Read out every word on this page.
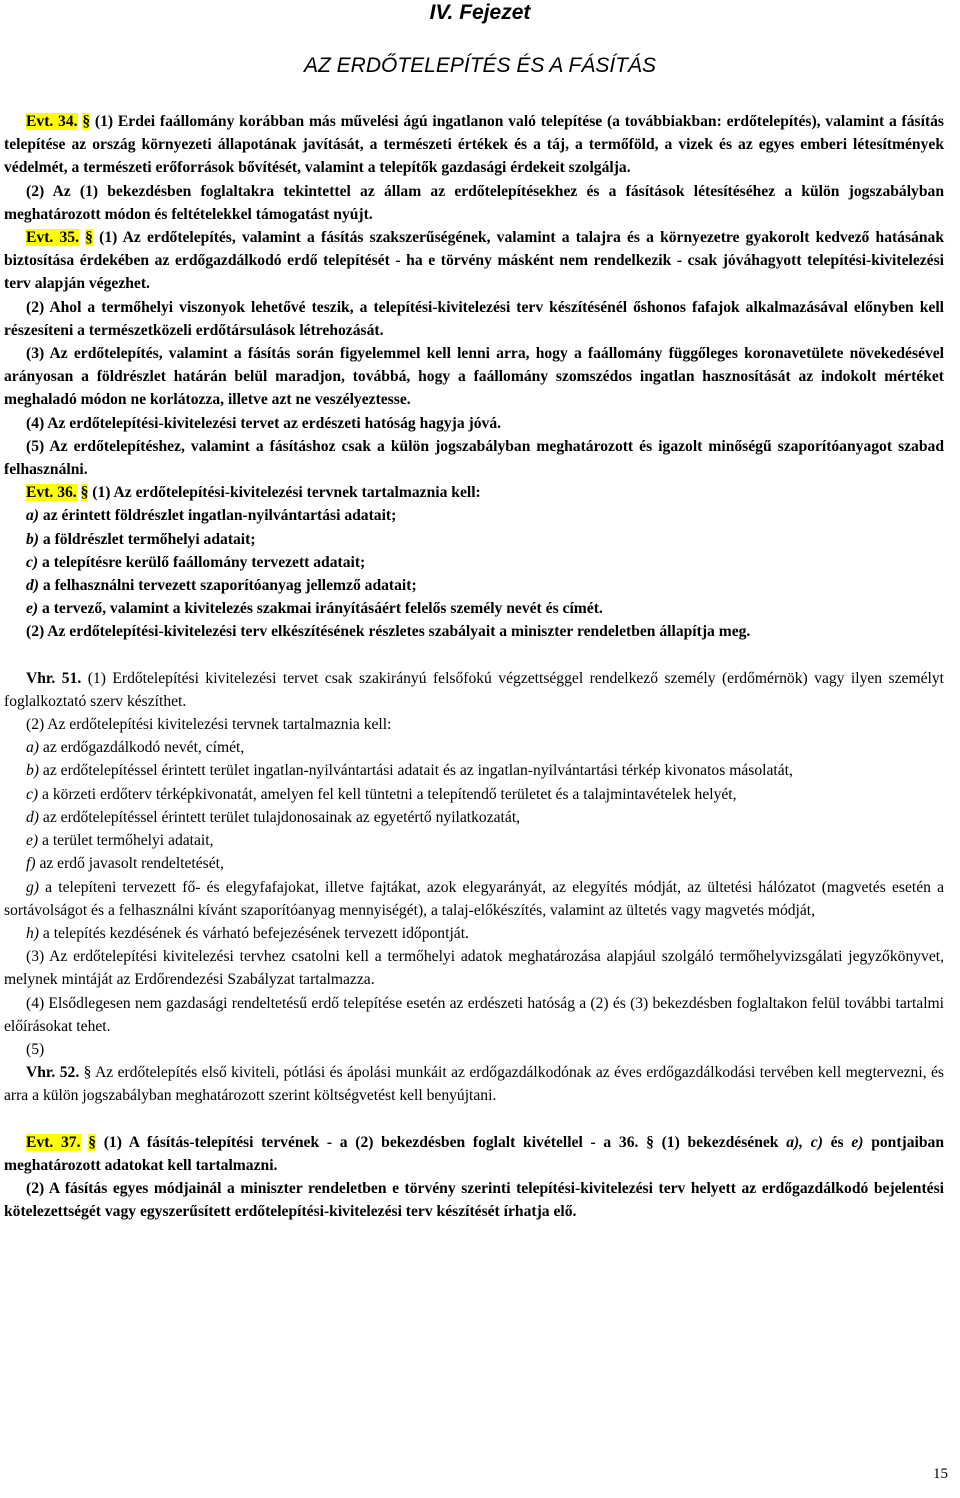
IV. Fejezet
AZ ERDŐTELEPÍTÉS ÉS A FÁSÍTÁS

Evt. 34. § (1) Erdei faállomány korábban más művelési ágú ingatlanon való telepítése (a továbbiakban: erdőtelepítés), valamint a fásítás telepítése az ország környezeti állapotának javítását, a természeti értékek és a táj, a termőföld, a vizek és az egyes emberi létesítmények védelmét, a természeti erőforrások bővítését, valamint a telepítők gazdasági érdekeit szolgálja.

(2) Az (1) bekezdésben foglaltakra tekintettel az állam az erdőtelepítésekhez és a fásítások létesítéséhez a külön jogszabályban meghatározott módon és feltételekkel támogatást nyújt.

Evt. 35. § (1) Az erdőtelepítés, valamint a fásítás szakszerűségének, valamint a talajra és a környezetre gyakorolt kedvező hatásának biztosítása érdekében az erdőgazdálkodó erdő telepítését - ha e törvény másként nem rendelkezik - csak jóváhagyott telepítési-kivitelezési terv alapján végezhet.

(2) Ahol a termőhelyi viszonyok lehetővé teszik, a telepítési-kivitelezési terv készítésénél őshonos fafajok alkalmazásával előnyben kell részesíteni a természetközeli erdőtársulások létrehozását.

(3) Az erdőtelepítés, valamint a fásítás során figyelemmel kell lenni arra, hogy a faállomány függőleges koronavetülete növekedésével arányosan a földrészlet határán belül maradjon, továbbá, hogy a faállomány szomszédos ingatlan hasznosítását az indokolt mértéket meghaladó módon ne korlátozza, illetve azt ne veszélyeztesse.

(4) Az erdőtelepítési-kivitelezési tervet az erdészeti hatóság hagyja jóvá.

(5) Az erdőtelepítéshez, valamint a fásításhoz csak a külön jogszabályban meghatározott és igazolt minőségű szaporítóanyagot szabad felhasználni.

Evt. 36. § (1) Az erdőtelepítési-kivitelezési tervnek tartalmaznia kell:

a) az érintett földrészlet ingatlan-nyilvántartási adatait;

b) a földrészlet termőhelyi adatait;

c) a telepítésre kerülő faállomány tervezett adatait;

d) a felhasználni tervezett szaporítóanyag jellemző adatait;

e) a tervező, valamint a kivitelezés szakmai irányításáért felelős személy nevét és címét.

(2) Az erdőtelepítési-kivitelezési terv elkészítésének részletes szabályait a miniszter rendeletben állapítja meg.

Vhr. 51. (1) Erdőtelepítési kivitelezési tervet csak szakirányú felsőfokú végzettséggel rendelkező személy (erdőmérnök) vagy ilyen személyt foglalkoztató szerv készíthet.

(2) Az erdőtelepítési kivitelezési tervnek tartalmaznia kell:

a) az erdőgazdálkodó nevét, címét,

b) az erdőtelepítéssel érintett terület ingatlan-nyilvántartási adatait és az ingatlan-nyilvántartási térkép kivonatos másolatát,

c) a körzeti erdőterv térképkivonatát, amelyen fel kell tüntetni a telepítendő területet és a talajmintavételek helyét,

d) az erdőtelepítéssel érintett terület tulajdonosainak az egyetértő nyilatkozatát,

e) a terület termőhelyi adatait,

f) az erdő javasolt rendeltetését,

g) a telepíteni tervezett fő- és elegyfafajokat, illetve fajtákat, azok elegyarányát, az elegyítés módját, az ültetési hálózatot (magvetés esetén a sortávolságot és a felhasználni kívánt szaporítóanyag mennyiségét), a talaj-előkészítés, valamint az ültetés vagy magvetés módját,

h) a telepítés kezdésének és várható befejezésének tervezett időpontját.

(3) Az erdőtelepítési kivitelezési tervhez csatolni kell a termőhelyi adatok meghatározása alapjául szolgáló termőhelyvizsgálati jegyzőkönyvet, melynek mintáját az Erdőrendezési Szabályzat tartalmazza.

(4) Elsődlegesen nem gazdasági rendeltetésű erdő telepítése esetén az erdészeti hatóság a (2) és (3) bekezdésben foglaltakon felül további tartalmi előírásokat tehet.

(5)

Vhr. 52. § Az erdőtelepítés első kiviteli, pótlási és ápolási munkáit az erdőgazdálkodónak az éves erdőgazdálkodási tervében kell megtervezni, és arra a külön jogszabályban meghatározott szerint költségvetést kell benyújtani.

Evt. 37. § (1) A fásítás-telepítési tervének - a (2) bekezdésben foglalt kivétellel - a 36. § (1) bekezdésének a), c) és e) pontjaiban meghatározott adatokat kell tartalmazni.

(2) A fásítás egyes módjainál a miniszter rendeletben e törvény szerinti telepítési-kivitelezési terv helyett az erdőgazdálkodó bejelentési kötelezettségét vagy egyszerűsített erdőtelepítési-kivitelezési terv készítését írhatja elő.

15
